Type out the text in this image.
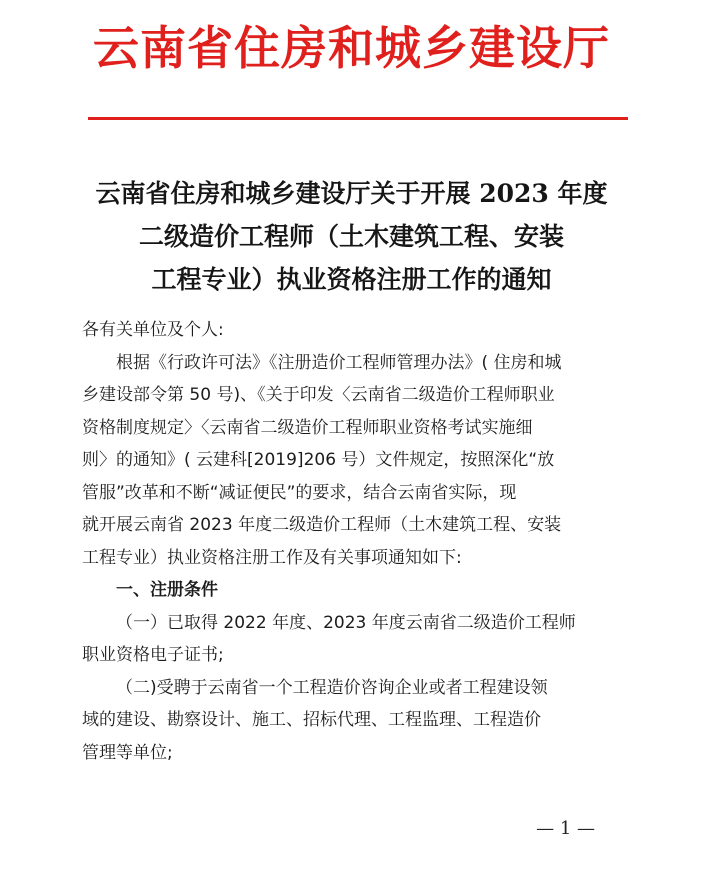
云南省住房和城乡建设厅
云南省住房和城乡建设厅关于开展 2023 年度
二级造价工程师（土木建筑工程、安装
工程专业）执业资格注册工作的通知
各有关单位及个人:
根据《行政许可法》《注册造价工程师管理办法》( 住房和城
乡建设部令第 50 号)、《关于印发〈云南省二级造价工程师职业
资格制度规定〉〈云南省二级造价工程师职业资格考试实施细
则〉的通知》( 云建科[2019]206 号）文件规定，按照深化“放
管服”改革和不断“减证便民”的要求，结合云南省实际，现
就开展云南省 2023 年度二级造价工程师（土木建筑工程、安装
工程专业）执业资格注册工作及有关事项通知如下:
一、注册条件
（一）已取得 2022 年度、2023 年度云南省二级造价工程师
职业资格电子证书;
（二)受聘于云南省一个工程造价咨询企业或者工程建设领
域的建设、勘察设计、施工、招标代理、工程监理、工程造价
管理等单位;
— 1 —
